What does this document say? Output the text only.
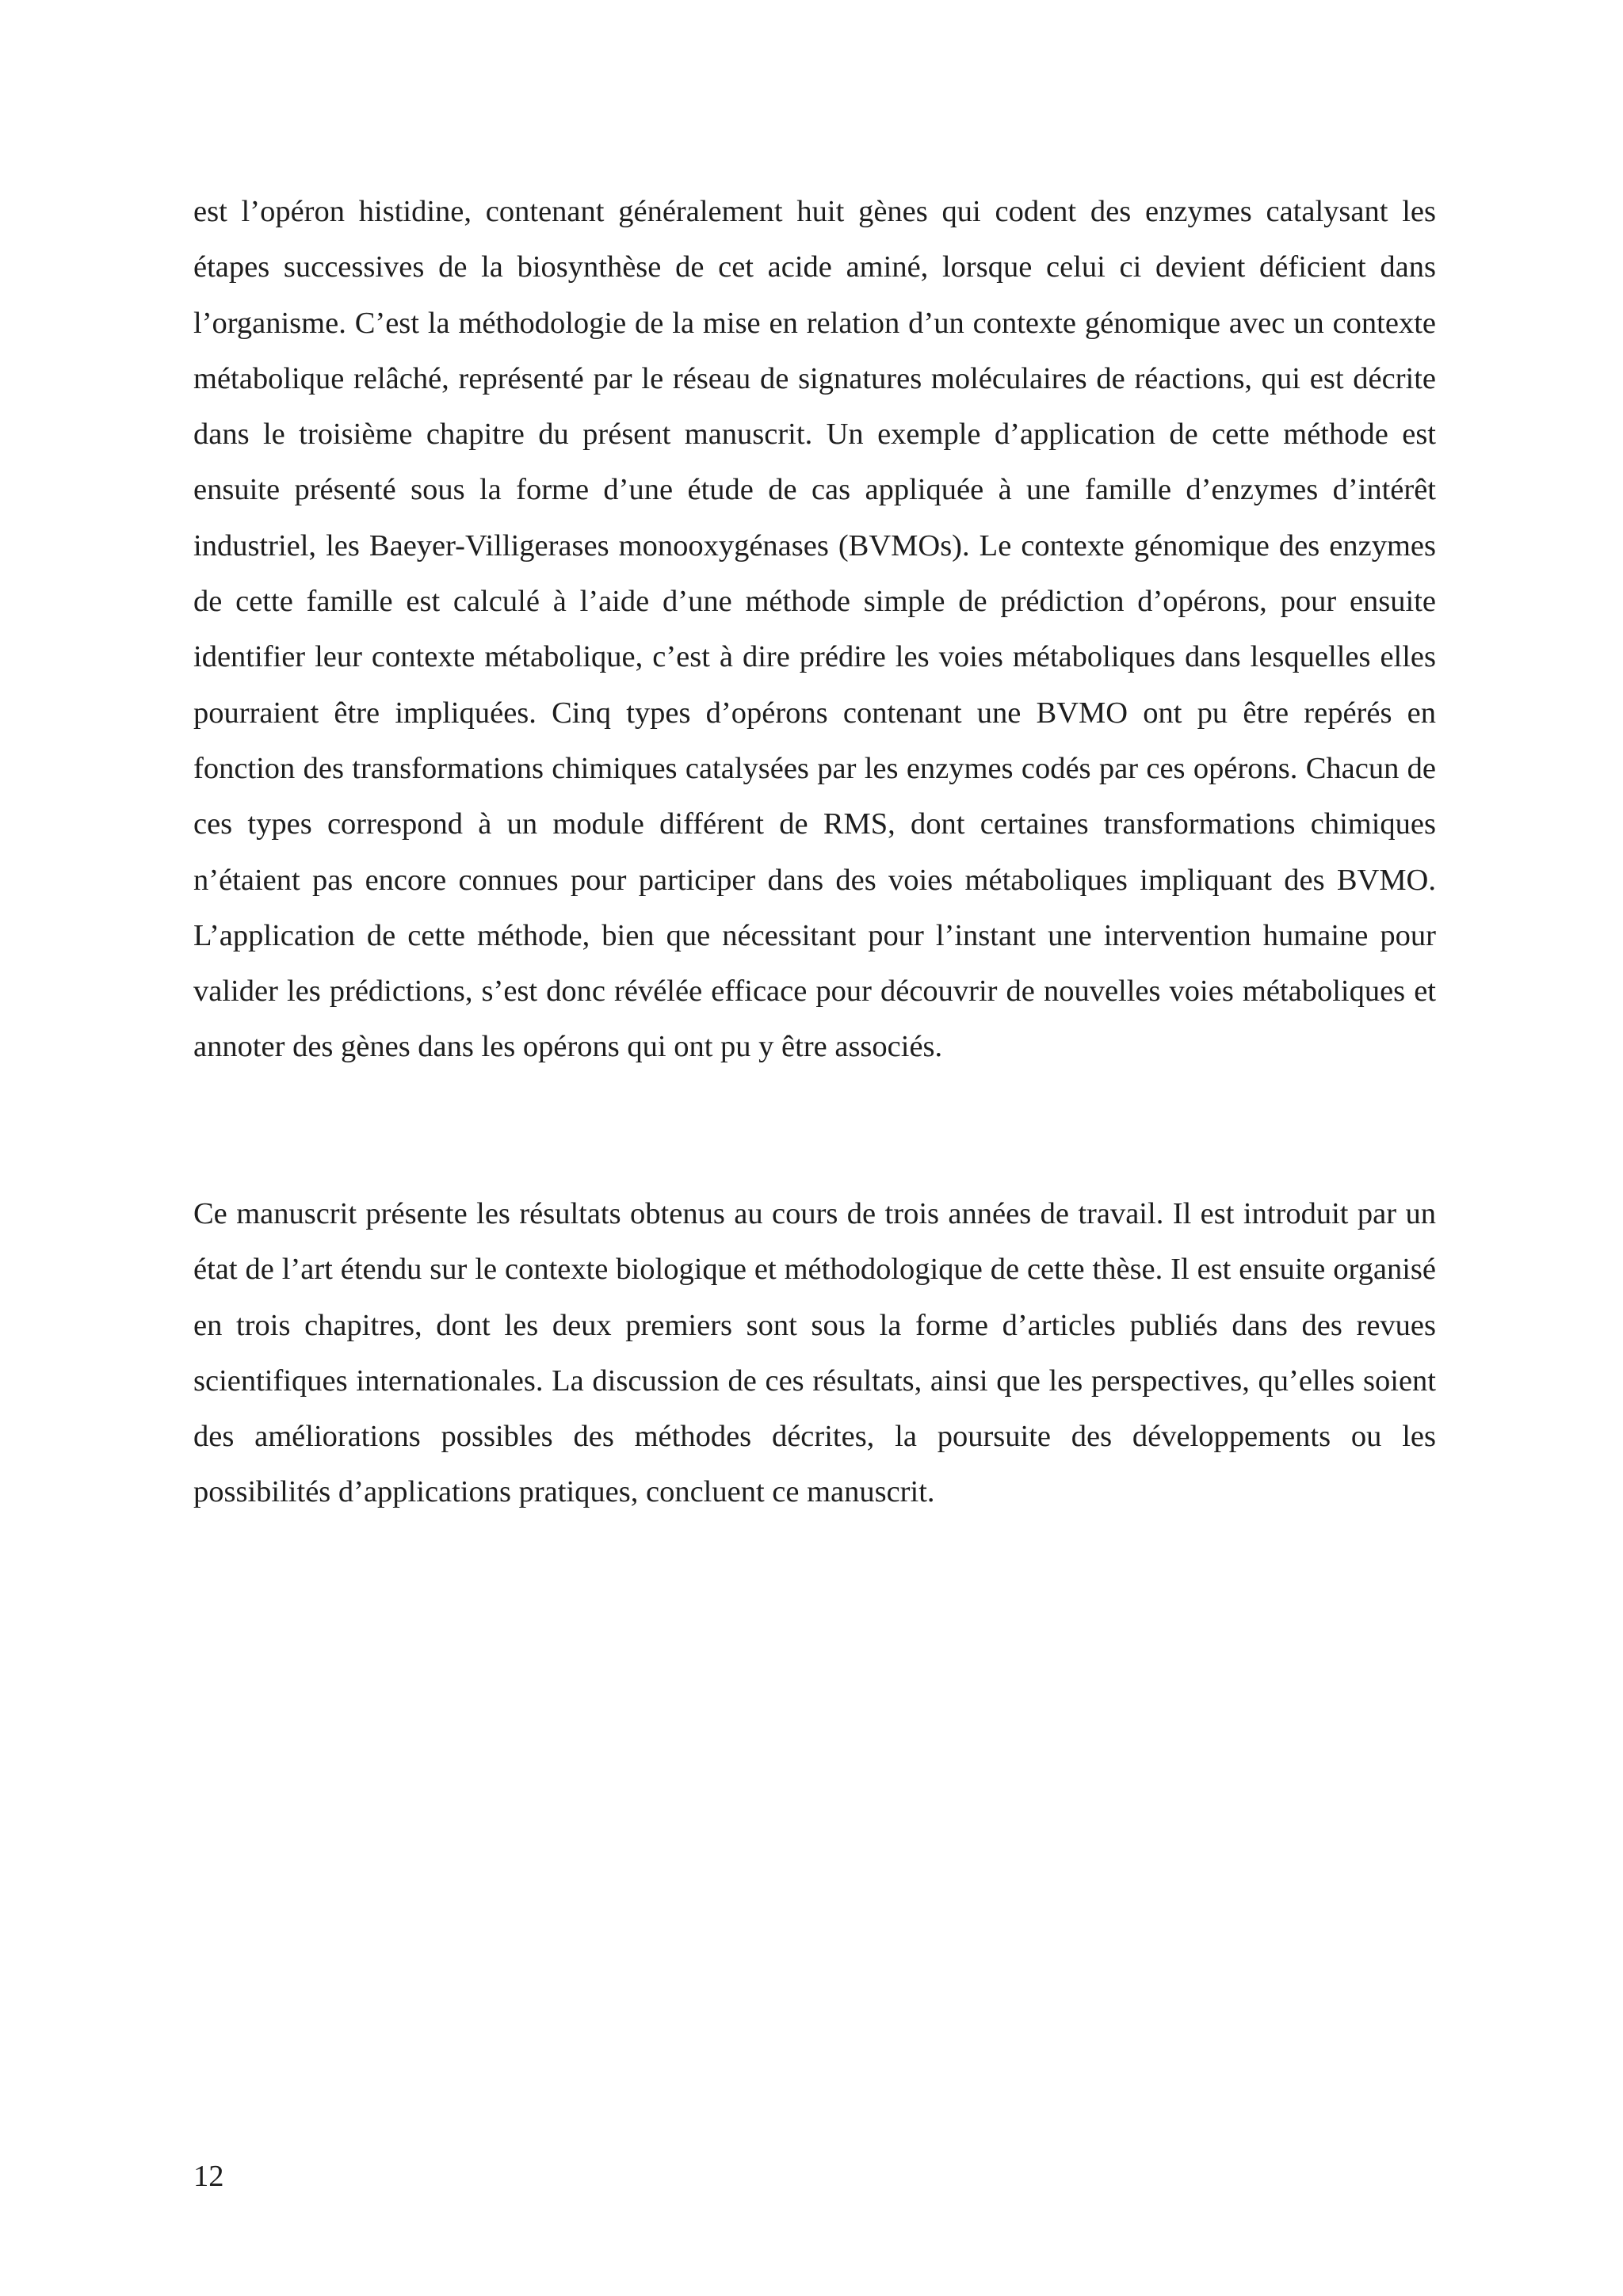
est l’opéron histidine, contenant généralement huit gènes qui codent des enzymes catalysant les étapes successives de la biosynthèse de cet acide aminé, lorsque celui ci devient déficient dans l’organisme. C’est la méthodologie de la mise en relation d’un contexte génomique avec un contexte métabolique relâché, représenté par le réseau de signatures moléculaires de réactions, qui est décrite dans le troisième chapitre du présent manuscrit. Un exemple d’application de cette méthode est ensuite présenté sous la forme d’une étude de cas appliquée à une famille d’enzymes d’intérêt industriel, les Baeyer-Villigerases monooxygénases (BVMOs). Le contexte génomique des enzymes de cette famille est calculé à l’aide d’une méthode simple de prédiction d’opérons, pour ensuite identifier leur contexte métabolique, c’est à dire prédire les voies métaboliques dans lesquelles elles pourraient être impliquées. Cinq types d’opérons contenant une BVMO ont pu être repérés en fonction des transformations chimiques catalysées par les enzymes codés par ces opérons. Chacun de ces types correspond à un module différent de RMS, dont certaines transformations chimiques n’étaient pas encore connues pour participer dans des voies métaboliques impliquant des BVMO. L’application de cette méthode, bien que nécessitant pour l’instant une intervention humaine pour valider les prédictions, s’est donc révélée efficace pour découvrir de nouvelles voies métaboliques et annoter des gènes dans les opérons qui ont pu y être associés.

Ce manuscrit présente les résultats obtenus au cours de trois années de travail. Il est introduit par un état de l’art étendu sur le contexte biologique et méthodologique de cette thèse. Il est ensuite organisé en trois chapitres, dont les deux premiers sont sous la forme d’articles publiés dans des revues scientifiques internationales. La discussion de ces résultats, ainsi que les perspectives, qu’elles soient des améliorations possibles des méthodes décrites, la poursuite des développements ou les possibilités d’applications pratiques, concluent ce manuscrit.

12
